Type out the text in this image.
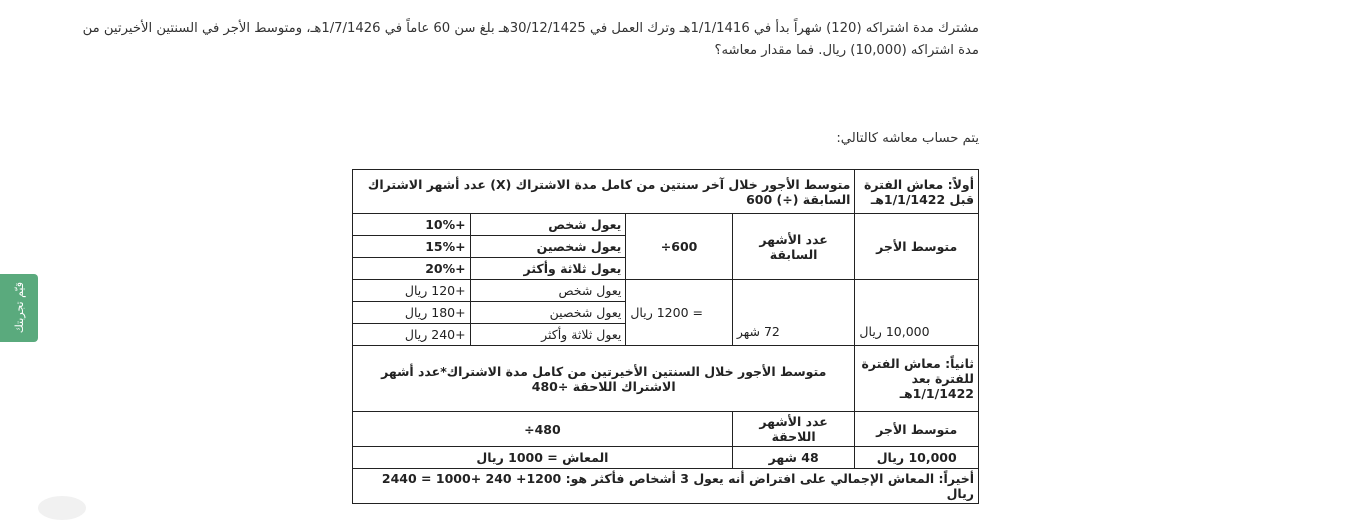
مشترك مدة اشتراكه (120) شهراً بدأ في 1/1/1416هـ وترك العمل في 30/12/1425هـ بلغ سن 60 عاماً في 1/7/1426هـ، ومتوسط الأجر في السنتين الأخيرتين من مدة اشتراكه (10,000) ريال. فما مقدار معاشه؟

يتم حساب معاشه كالتالي:
أولاً: معاش الفترة قبل 1/1/1422هـ	متوسط الأجور خلال آخر سنتين من كامل مدة الاشتراك (X) عدد أشهر الاشتراك السابقة (÷) 600			
متوسط الأجر	عدد الأشهر السابقة	600÷	يعول شخص	+10%
			يعول شخصين	+15%
			يعول ثلاثة وأكثر	+20%
10,000 ريال	72 شهر	= 1200 ريال	يعول شخص	+120 ريال
			يعول شخصين	+180 ريال
			يعول ثلاثة وأكثر	+240 ريال
ثانياً: معاش الفترة للفترة بعد 1/1/1422هـ	متوسط الأجور خلال السنتين الأخيرتين من كامل مدة الاشتراك*عدد أشهر الاشتراك اللاحقة ÷480			
متوسط الأجر	عدد الأشهر اللاحقة	480÷		
10,000 ريال	48 شهر	المعاش = 1000 ريال		
أخيراً: المعاش الإجمالي على افتراض أنه يعول 3 أشخاص فأكثر هو: 1200+ 240 +1000 = 2440 ريال				
قيّم تجربتك
